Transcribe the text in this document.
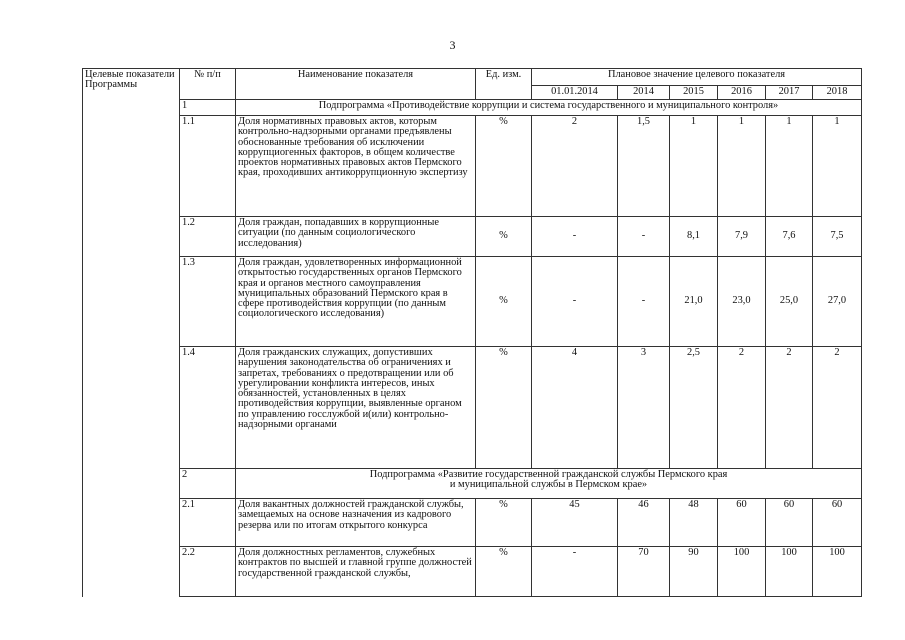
3
Целевые показатели Программы	№ п/п	Наименование показателя	Ед. изм.	Плановое значение целевого показателя					
				01.01.2014	2014	2015	2016	2017	2018
	1	Подпрограмма «Противодействие коррупции и система государственного и муниципального контроля»							
	1.1	Доля нормативных правовых актов, которым контрольно-надзорными органами предъявлены обоснованные требования об исключении коррупциогенных факторов, в общем количестве проектов нормативных правовых актов Пермского края, проходивших антикоррупционную экспертизу	%	2	1,5	1	1	1	1
	1.2	Доля граждан, попадавших в коррупционные ситуации (по данным социологического исследования)	%	-	-	8,1	7,9	7,6	7,5
	1.3	Доля граждан, удовлетворенных информационной открытостью государственных органов Пермского края и органов местного самоуправления муниципальных образований Пермского края в сфере противодействия коррупции (по данным социологического исследования)	%	-	-	21,0	23,0	25,0	27,0
	1.4	Доля гражданских служащих, допустивших нарушения законодательства об ограничениях и запретах, требованиях о предотвращении или об урегулировании конфликта интересов, иных обязанностей, установленных в целях противодействия коррупции, выявленные органом по управлению госслужбой и(или) контрольно-надзорными органами	%	4	3	2,5	2	2	2
	2	Подпрограмма «Развитие государственной гражданской службы Пермского края
и муниципальной службы в Пермском крае»							

	2.1	Доля вакантных должностей гражданской службы, замещаемых на основе назначения из кадрового резерва или по итогам открытого конкурса	%	45	46	48	60	60	60
	2.2	Доля должностных регламентов, служебных контрактов по высшей и главной группе должностей государственной гражданской службы,	%	-	70	90	100	100	100
